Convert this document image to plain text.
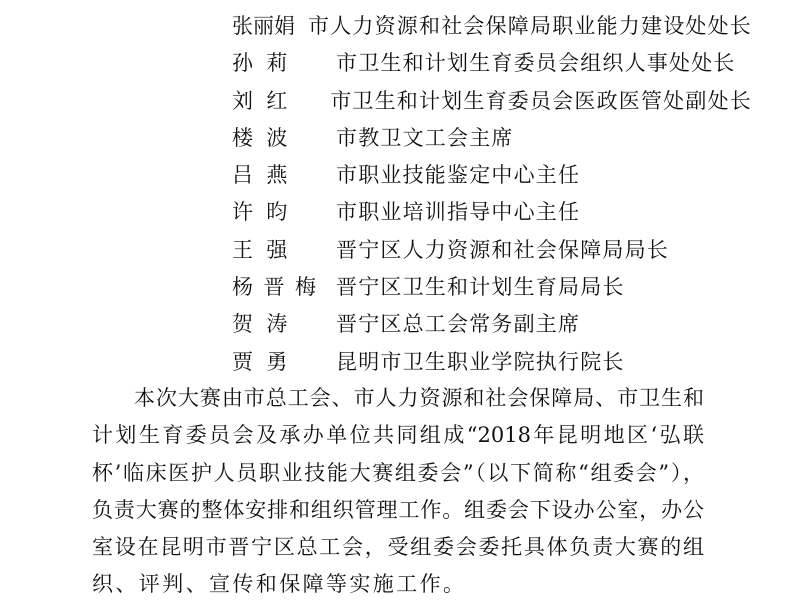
张丽娟 市人力资源和社会保障局职业能力建设处处长
孙  莉	市卫生和计划生育委员会组织人事处处长
刘  红	市卫生和计划生育委员会医政医管处副处长
楼  波	市教卫文工会主席
吕  燕	市职业技能鉴定中心主任
许  昀	市职业培训指导中心主任
王  强	晋宁区人力资源和社会保障局局长
杨晋梅 晋宁区卫生和计划生育局局长
贺  涛	晋宁区总工会常务副主席
贾  勇	昆明市卫生职业学院执行院长
本次大赛由市总工会、市人力资源和社会保障局、市卫生和
计划生育委员会及承办单位共同组成“2018年昆明地区‘弘联
杯’临床医护人员职业技能大赛组委会”（以下简称“组委会”），
负责大赛的整体安排和组织管理工作。组委会下设办公室，办公
室设在昆明市晋宁区总工会，受组委会委托具体负责大赛的组
织、评判、宣传和保障等实施工作。
